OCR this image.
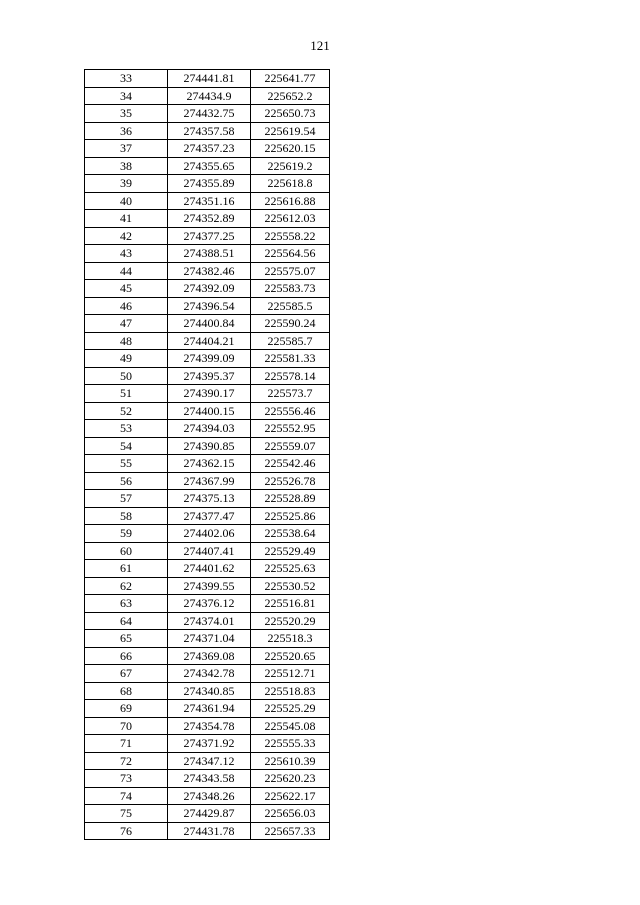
121
33	274441.81	225641.77
34	274434.9	225652.2
35	274432.75	225650.73
36	274357.58	225619.54
37	274357.23	225620.15
38	274355.65	225619.2
39	274355.89	225618.8
40	274351.16	225616.88
41	274352.89	225612.03
42	274377.25	225558.22
43	274388.51	225564.56
44	274382.46	225575.07
45	274392.09	225583.73
46	274396.54	225585.5
47	274400.84	225590.24
48	274404.21	225585.7
49	274399.09	225581.33
50	274395.37	225578.14
51	274390.17	225573.7
52	274400.15	225556.46
53	274394.03	225552.95
54	274390.85	225559.07
55	274362.15	225542.46
56	274367.99	225526.78
57	274375.13	225528.89
58	274377.47	225525.86
59	274402.06	225538.64
60	274407.41	225529.49
61	274401.62	225525.63
62	274399.55	225530.52
63	274376.12	225516.81
64	274374.01	225520.29
65	274371.04	225518.3
66	274369.08	225520.65
67	274342.78	225512.71
68	274340.85	225518.83
69	274361.94	225525.29
70	274354.78	225545.08
71	274371.92	225555.33
72	274347.12	225610.39
73	274343.58	225620.23
74	274348.26	225622.17
75	274429.87	225656.03
76	274431.78	225657.33
